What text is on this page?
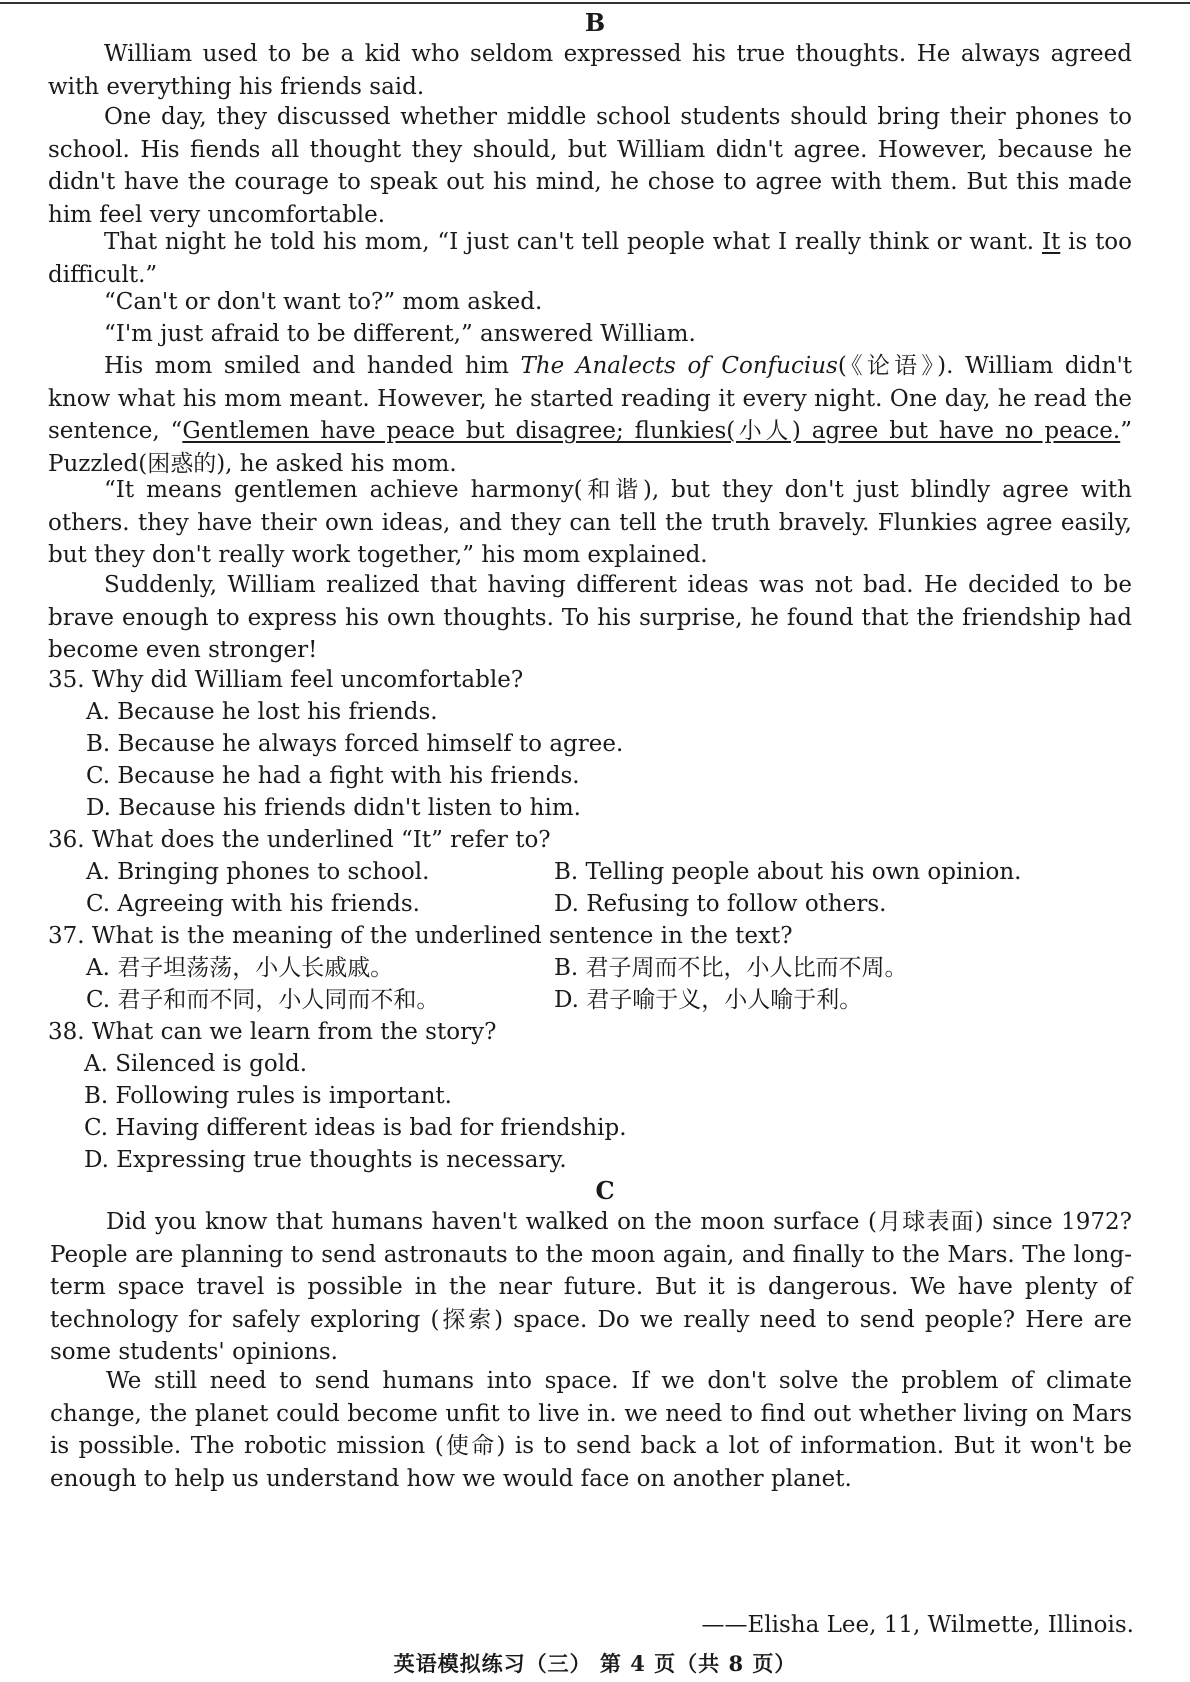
B

William used to be a kid who seldom expressed his true thoughts. He always agreed with everything his friends said.

One day, they discussed whether middle school students should bring their phones to school. His fiends all thought they should, but William didn't agree. However, because he didn't have the courage to speak out his mind, he chose to agree with them. But this made him feel very uncomfortable.

That night he told his mom, “I just can't tell people what I really think or want. It is too difficult.”

“Can't or don't want to?” mom asked.

“I'm just afraid to be different,” answered William.

His mom smiled and handed him The Analects of Confucius(《论语》). William didn't know what his mom meant. However, he started reading it every night. One day, he read the sentence, “Gentlemen have peace but disagree; flunkies(小人) agree but have no peace.” Puzzled(困惑的), he asked his mom.

“It means gentlemen achieve harmony(和谐), but they don't just blindly agree with others. they have their own ideas, and they can tell the truth bravely. Flunkies agree easily, but they don't really work together,” his mom explained.

Suddenly, William realized that having different ideas was not bad. He decided to be brave enough to express his own thoughts. To his surprise, he found that the friendship had become even stronger!

35. Why did William feel uncomfortable?
A. Because he lost his friends.
B. Because he always forced himself to agree.
C. Because he had a fight with his friends.
D. Because his friends didn't listen to him.
36. What does the underlined “It” refer to?
A. Bringing phones to school.	B. Telling people about his own opinion.
C. Agreeing with his friends.	D. Refusing to follow others.
37. What is the meaning of the underlined sentence in the text?
A. 君子坦荡荡，小人长戚戚。	B. 君子周而不比，小人比而不周。
C. 君子和而不同，小人同而不和。	D. 君子喻于义，小人喻于利。
38. What can we learn from the story?
A. Silenced is gold.
B. Following rules is important.
C. Having different ideas is bad for friendship.
D. Expressing true thoughts is necessary.
C

Did you know that humans haven't walked on the moon surface (月球表面) since 1972? People are planning to send astronauts to the moon again, and finally to the Mars. The long-term space travel is possible in the near future. But it is dangerous. We have plenty of technology for safely exploring (探索) space. Do we really need to send people? Here are some students' opinions.

We still need to send humans into space. If we don't solve the problem of climate change, the planet could become unfit to live in. we need to find out whether living on Mars is possible. The robotic mission (使命) is to send back a lot of information. But it won't be enough to help us understand how we would face on another planet.

——Elisha Lee, 11, Wilmette, Illinois.
英语模拟练习（三） 第 4 页（共 8 页）
